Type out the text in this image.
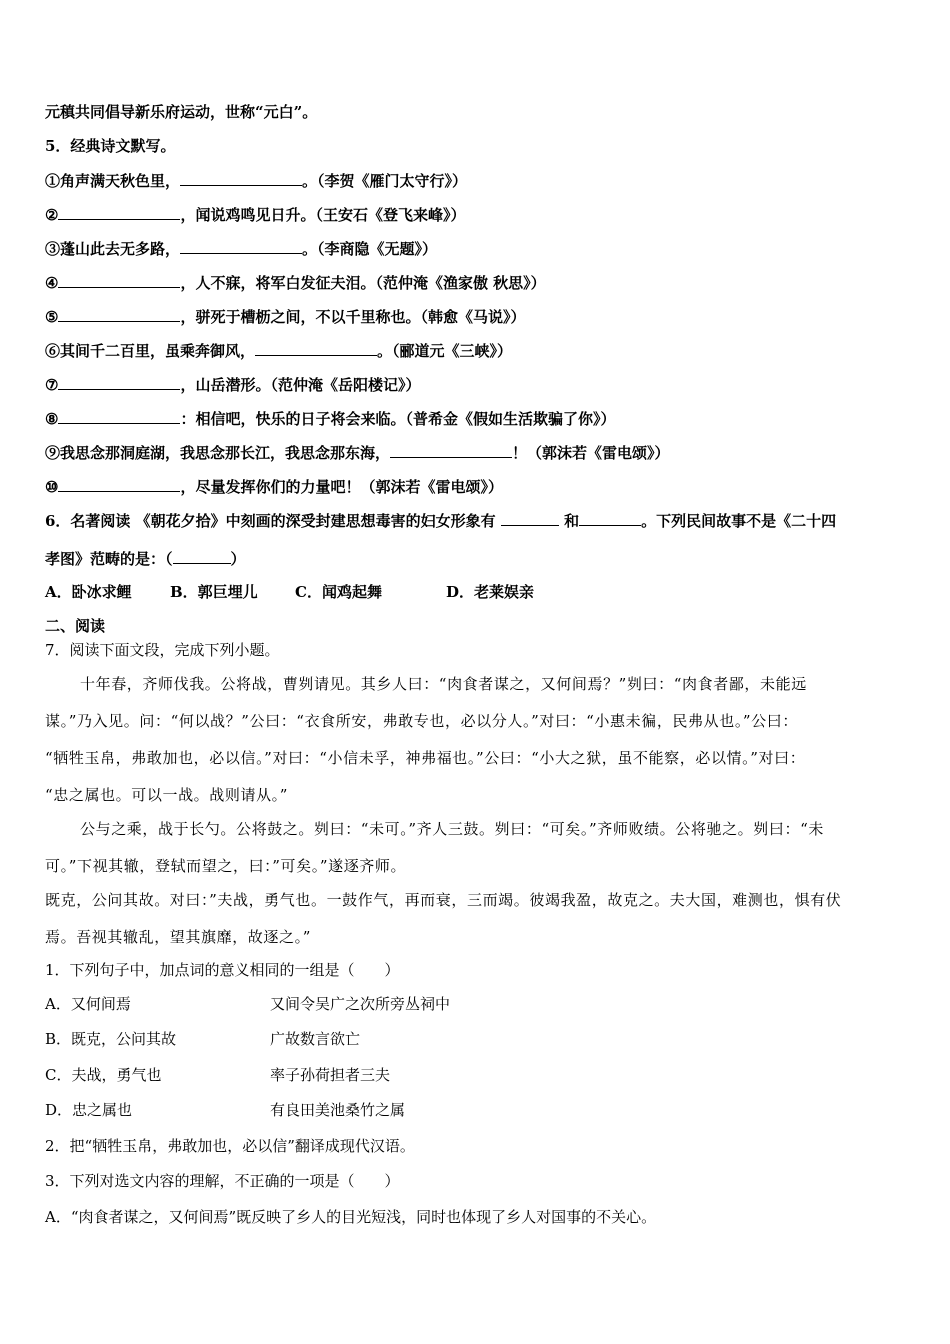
元稹共同倡导新乐府运动，世称“元白”。
5．经典诗文默写。
①角声满天秋色里，	。（李贺《雁门太守行》）
②	，闻说鸡鸣见日升。（王安石《登飞来峰》）
③蓬山此去无多路，	。（李商隐《无题》）
④	，人不寐，将军白发征夫泪。（范仲淹《渔家傲 秋思》）
⑤	，骈死于槽枥之间，不以千里称也。（韩愈《马说》）
⑥其间千二百里，虽乘奔御风，	。（郦道元《三峡》）
⑦	，山岳潜形。（范仲淹《岳阳楼记》）
⑧	：相信吧，快乐的日子将会来临。（普希金《假如生活欺骗了你》）
⑨我思念那洞庭湖，我思念那长江，我思念那东海，	！（郭沫若《雷电颂》）
⑩	，尽量发挥你们的力量吧！（郭沫若《雷电颂》）
6．名著阅读 《朝花夕拾》中刻画的深受封建思想毒害的妇女形象有	和	。下列民间故事不是《二十四
孝图》范畴的是：（	）
A．卧冰求鲤	B．郭巨埋儿 C．闻鸡起舞	D．老莱娱亲
二、阅读
7．阅读下面文段，完成下列小题。
十年春，齐师伐我。公将战，曹刿请见。其乡人曰：“肉食者谋之，又何间焉？”刿曰：“肉食者鄙，未能远
谋。”乃入见。问：“何以战？”公曰：“衣食所安，弗敢专也，必以分人。”对曰：“小惠未徧，民弗从也。”公曰：
“牺牲玉帛，弗敢加也，必以信。”对曰：“小信未孚，神弗福也。”公曰：“小大之狱，虽不能察，必以情。”对曰：
“忠之属也。可以一战。战则请从。”
公与之乘，战于长勺。公将鼓之。刿曰：“未可。”齐人三鼓。刿曰：“可矣。”齐师败绩。公将驰之。刿曰：“未
可。”下视其辙，登轼而望之，曰：”可矣。”遂逐齐师。
既克，公问其故。对曰：”夫战，勇气也。一鼓作气，再而衰，三而竭。彼竭我盈，故克之。夫大国，难测也，惧有伏
焉。吾视其辙乱，望其旗靡，故逐之。”
1．下列句子中，加点词的意义相同的一组是（　　）
A．又何间焉	又间令吴广之次所旁丛祠中
B．既克，公问其故	广故数言欲亡
C．夫战，勇气也	率子孙荷担者三夫
D．忠之属也	有良田美池桑竹之属
2．把“牺牲玉帛，弗敢加也，必以信”翻译成现代汉语。
3．下列对选文内容的理解，不正确的一项是（　　）
A．“肉食者谋之，又何间焉”既反映了乡人的目光短浅，同时也体现了乡人对国事的不关心。
